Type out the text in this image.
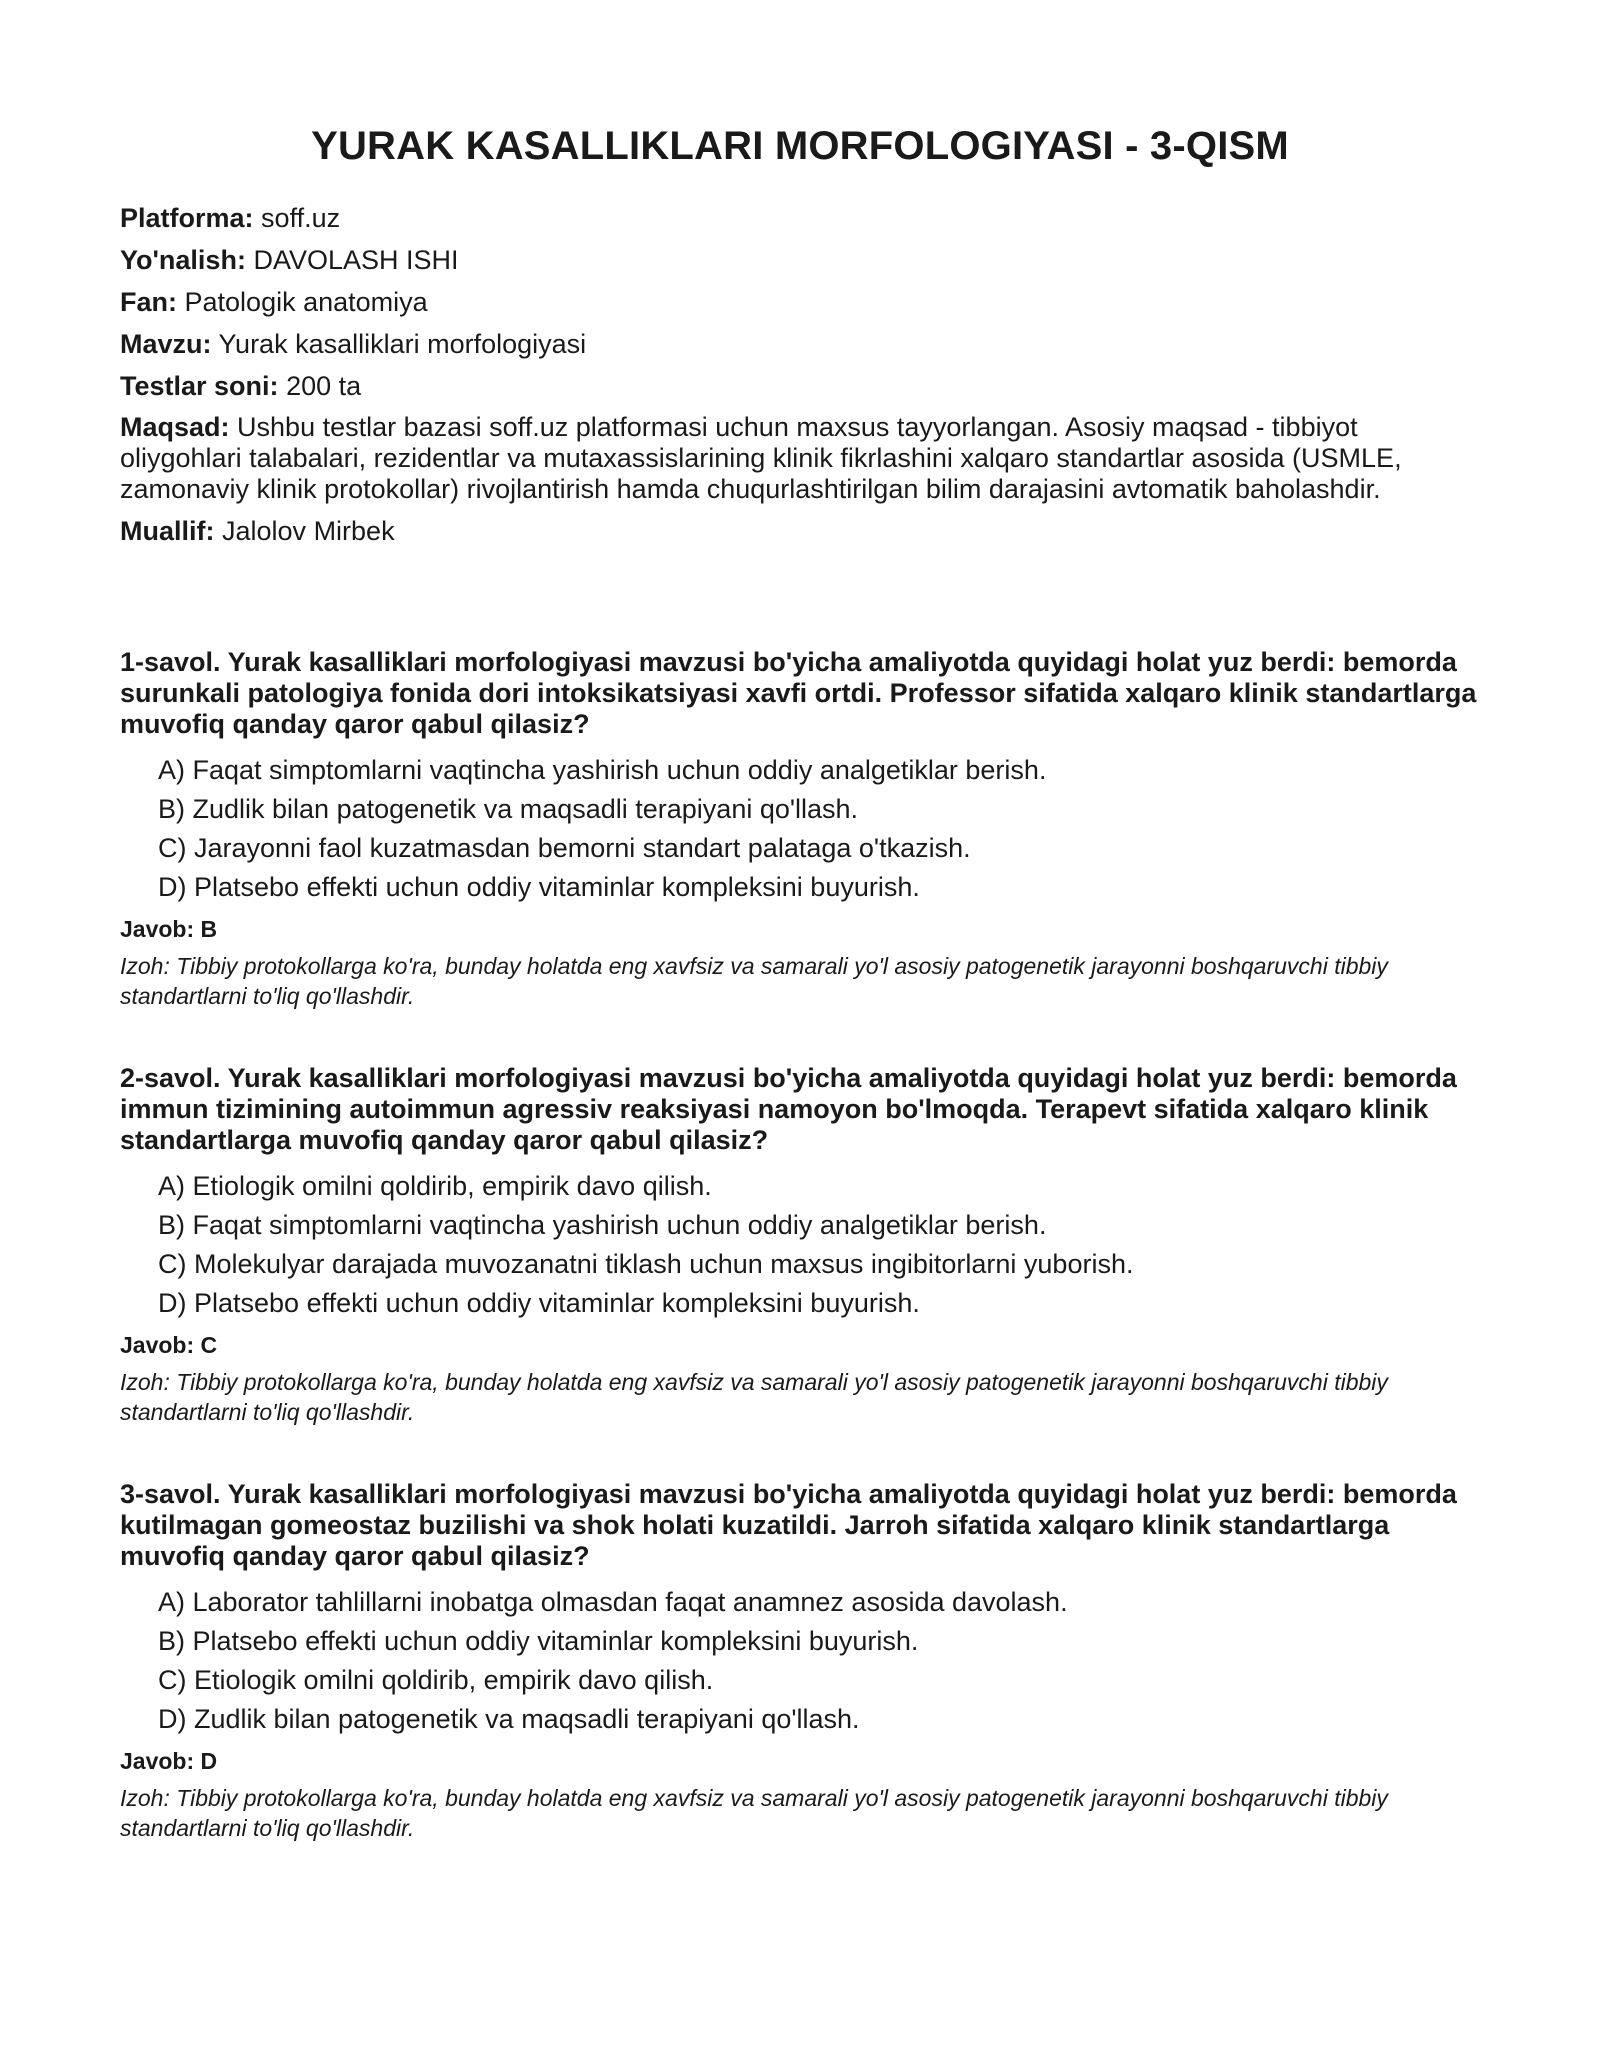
YURAK KASALLIKLARI MORFOLOGIYASI - 3-QISM
Platforma: soff.uz
Yo'nalish: DAVOLASH ISHI
Fan: Patologik anatomiya
Mavzu: Yurak kasalliklari morfologiyasi
Testlar soni: 200 ta
Maqsad: Ushbu testlar bazasi soff.uz platformasi uchun maxsus tayyorlangan. Asosiy maqsad - tibbiyot oliygohlari talabalari, rezidentlar va mutaxassislarining klinik fikrlashini xalqaro standartlar asosida (USMLE, zamonaviy klinik protokollar) rivojlantirish hamda chuqurlashtirilgan bilim darajasini avtomatik baholashdir.
Muallif: Jalolov Mirbek

1-savol. Yurak kasalliklari morfologiyasi mavzusi bo'yicha amaliyotda quyidagi holat yuz berdi: bemorda surunkali patologiya fonida dori intoksikatsiyasi xavfi ortdi. Professor sifatida xalqaro klinik standartlarga muvofiq qanday qaror qabul qilasiz?

A) Faqat simptomlarni vaqtincha yashirish uchun oddiy analgetiklar berish.
B) Zudlik bilan patogenetik va maqsadli terapiyani qo'llash.
C) Jarayonni faol kuzatmasdan bemorni standart palataga o'tkazish.
D) Platsebo effekti uchun oddiy vitaminlar kompleksini buyurish.
Javob: B
Izoh: Tibbiy protokollarga ko'ra, bunday holatda eng xavfsiz va samarali yo'l asosiy patogenetik jarayonni boshqaruvchi tibbiy standartlarni to'liq qo'llashdir.

2-savol. Yurak kasalliklari morfologiyasi mavzusi bo'yicha amaliyotda quyidagi holat yuz berdi: bemorda immun tizimining autoimmun agressiv reaksiyasi namoyon bo'lmoqda. Terapevt sifatida xalqaro klinik standartlarga muvofiq qanday qaror qabul qilasiz?

A) Etiologik omilni qoldirib, empirik davo qilish.
B) Faqat simptomlarni vaqtincha yashirish uchun oddiy analgetiklar berish.
C) Molekulyar darajada muvozanatni tiklash uchun maxsus ingibitorlarni yuborish.
D) Platsebo effekti uchun oddiy vitaminlar kompleksini buyurish.
Javob: C
Izoh: Tibbiy protokollarga ko'ra, bunday holatda eng xavfsiz va samarali yo'l asosiy patogenetik jarayonni boshqaruvchi tibbiy standartlarni to'liq qo'llashdir.

3-savol. Yurak kasalliklari morfologiyasi mavzusi bo'yicha amaliyotda quyidagi holat yuz berdi: bemorda kutilmagan gomeostaz buzilishi va shok holati kuzatildi. Jarroh sifatida xalqaro klinik standartlarga muvofiq qanday qaror qabul qilasiz?

A) Laborator tahlillarni inobatga olmasdan faqat anamnez asosida davolash.
B) Platsebo effekti uchun oddiy vitaminlar kompleksini buyurish.
C) Etiologik omilni qoldirib, empirik davo qilish.
D) Zudlik bilan patogenetik va maqsadli terapiyani qo'llash.
Javob: D
Izoh: Tibbiy protokollarga ko'ra, bunday holatda eng xavfsiz va samarali yo'l asosiy patogenetik jarayonni boshqaruvchi tibbiy standartlarni to'liq qo'llashdir.
